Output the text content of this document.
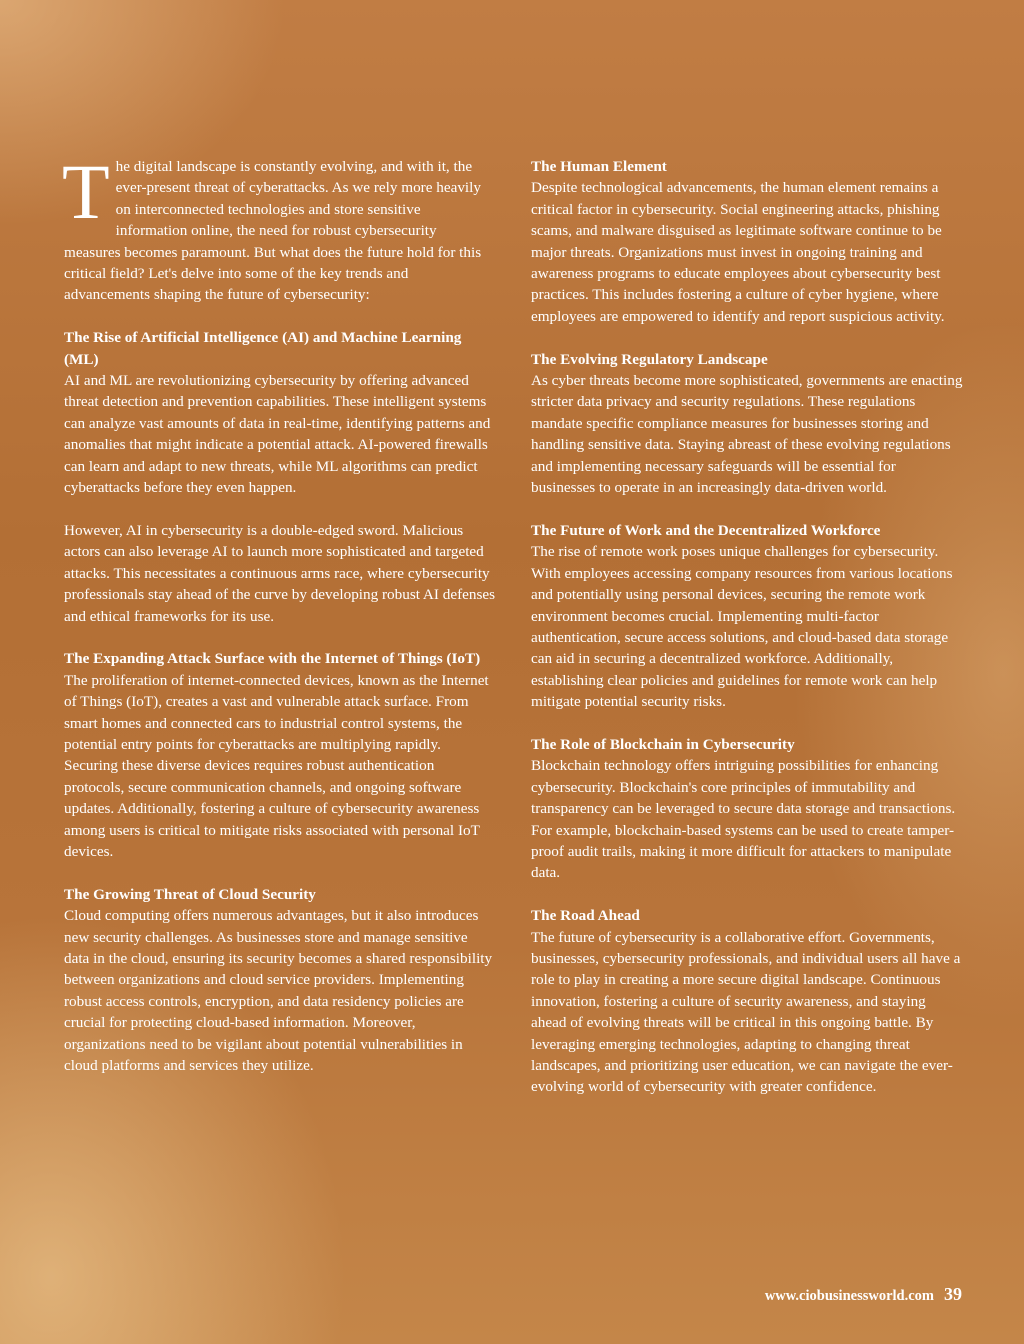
The digital landscape is constantly evolving, and with it, the ever-present threat of cyberattacks. As we rely more heavily on interconnected technologies and store sensitive information online, the need for robust cybersecurity measures becomes paramount. But what does the future hold for this critical field? Let's delve into some of the key trends and advancements shaping the future of cybersecurity:

The Rise of Artificial Intelligence (AI) and Machine Learning (ML)

AI and ML are revolutionizing cybersecurity by offering advanced threat detection and prevention capabilities. These intelligent systems can analyze vast amounts of data in real-time, identifying patterns and anomalies that might indicate a potential attack. AI-powered firewalls can learn and adapt to new threats, while ML algorithms can predict cyberattacks before they even happen.

However, AI in cybersecurity is a double-edged sword. Malicious actors can also leverage AI to launch more sophisticated and targeted attacks. This necessitates a continuous arms race, where cybersecurity professionals stay ahead of the curve by developing robust AI defenses and ethical frameworks for its use.

The Expanding Attack Surface with the Internet of Things (IoT)

The proliferation of internet-connected devices, known as the Internet of Things (IoT), creates a vast and vulnerable attack surface. From smart homes and connected cars to industrial control systems, the potential entry points for cyberattacks are multiplying rapidly. Securing these diverse devices requires robust authentication protocols, secure communication channels, and ongoing software updates. Additionally, fostering a culture of cybersecurity awareness among users is critical to mitigate risks associated with personal IoT devices.

The Growing Threat of Cloud Security

Cloud computing offers numerous advantages, but it also introduces new security challenges. As businesses store and manage sensitive data in the cloud, ensuring its security becomes a shared responsibility between organizations and cloud service providers. Implementing robust access controls, encryption, and data residency policies are crucial for protecting cloud-based information. Moreover, organizations need to be vigilant about potential vulnerabilities in cloud platforms and services they utilize.

The Human Element

Despite technological advancements, the human element remains a critical factor in cybersecurity. Social engineering attacks, phishing scams, and malware disguised as legitimate software continue to be major threats. Organizations must invest in ongoing training and awareness programs to educate employees about cybersecurity best practices. This includes fostering a culture of cyber hygiene, where employees are empowered to identify and report suspicious activity.

The Evolving Regulatory Landscape

As cyber threats become more sophisticated, governments are enacting stricter data privacy and security regulations. These regulations mandate specific compliance measures for businesses storing and handling sensitive data. Staying abreast of these evolving regulations and implementing necessary safeguards will be essential for businesses to operate in an increasingly data-driven world.

The Future of Work and the Decentralized Workforce

The rise of remote work poses unique challenges for cybersecurity. With employees accessing company resources from various locations and potentially using personal devices, securing the remote work environment becomes crucial. Implementing multi-factor authentication, secure access solutions, and cloud-based data storage can aid in securing a decentralized workforce. Additionally, establishing clear policies and guidelines for remote work can help mitigate potential security risks.

The Role of Blockchain in Cybersecurity

Blockchain technology offers intriguing possibilities for enhancing cybersecurity. Blockchain's core principles of immutability and transparency can be leveraged to secure data storage and transactions. For example, blockchain-based systems can be used to create tamper-proof audit trails, making it more difficult for attackers to manipulate data.

The Road Ahead

The future of cybersecurity is a collaborative effort. Governments, businesses, cybersecurity professionals, and individual users all have a role to play in creating a more secure digital landscape. Continuous innovation, fostering a culture of security awareness, and staying ahead of evolving threats will be critical in this ongoing battle. By leveraging emerging technologies, adapting to changing threat landscapes, and prioritizing user education, we can navigate the ever-evolving world of cybersecurity with greater confidence.

www.ciobusinessworld.com 39
